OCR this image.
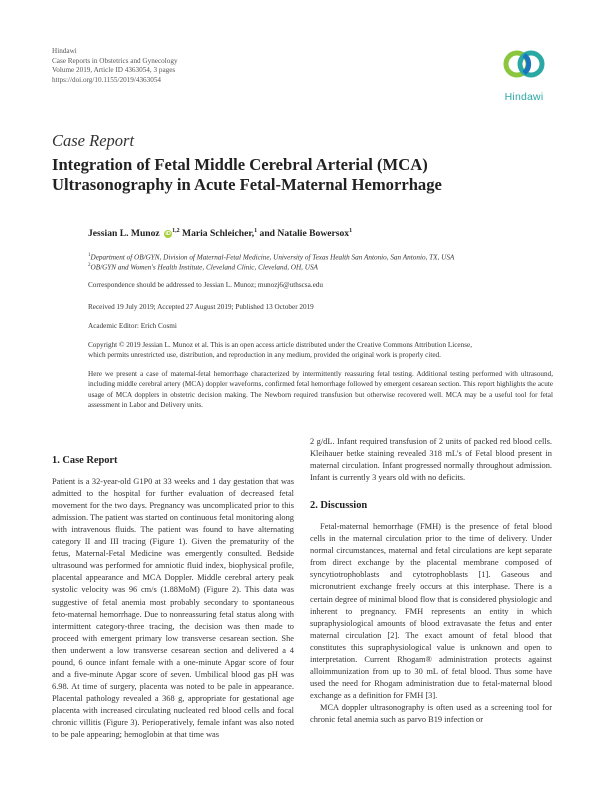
Hindawi
Case Reports in Obstetrics and Gynecology
Volume 2019, Article ID 4363054, 3 pages
https://doi.org/10.1155/2019/4363054
Hindawi
Case Report
Integration of Fetal Middle Cerebral Arterial (MCA) Ultrasonography in Acute Fetal-Maternal Hemorrhage
Jessian L. Munoz iD$^{1,2}$ Maria Schleicher,$^1$ and Natalie Bowersox$^1$
$^1$Department of OB/GYN, Division of Maternal-Fetal Medicine, University of Texas Health San Antonio, San Antonio, TX, USA
$^2$OB/GYN and Women's Health Institute, Cleveland Clinic, Cleveland, OH, USA
Correspondence should be addressed to Jessian L. Munoz; munozj6@uthscsa.edu
Received 19 July 2019; Accepted 27 August 2019; Published 13 October 2019
Academic Editor: Erich Cosmi
Copyright © 2019 Jessian L. Munoz et al. This is an open access article distributed under the Creative Commons Attribution License,
which permits unrestricted use, distribution, and reproduction in any medium, provided the original work is properly cited.
Here we present a case of maternal-fetal hemorrhage characterized by intermittently reassuring fetal testing. Additional testing performed with ultrasound, including middle cerebral artery (MCA) doppler waveforms, confirmed fetal hemorrhage followed by emergent cesarean section. This report highlights the acute usage of MCA dopplers in obstetric decision making. The Newborn required transfusion but otherwise recovered well. MCA may be a useful tool for fetal assessment in Labor and Delivery units.
1. Case Report

Patient is a 32-year-old G1P0 at 33 weeks and 1 day gestation that was admitted to the hospital for further evaluation of decreased fetal movement for the two days. Pregnancy was uncomplicated prior to this admission. The patient was started on continuous fetal monitoring along with intravenous fluids. The patient was found to have alternating category II and III tracing (Figure 1). Given the prematurity of the fetus, Maternal-Fetal Medicine was emergently consulted. Bedside ultrasound was performed for amniotic fluid index, biophysical profile, placental appearance and MCA Doppler. Middle cerebral artery peak systolic velocity was 96 cm/s (1.88MoM) (Figure 2). This data was suggestive of fetal anemia most probably secondary to spontaneous feto-maternal hemorrhage. Due to nonreassuring fetal status along with intermittent category-three tracing, the decision was then made to proceed with emergent primary low transverse cesarean section. She then underwent a low transverse cesarean section and delivered a 4 pound, 6 ounce infant female with a one-minute Apgar score of four and a five-minute Apgar score of seven. Umbilical blood gas pH was 6.98. At time of surgery, placenta was noted to be pale in appearance. Placental pathology revealed a 368 g, appropriate for gestational age placenta with increased circulating nucleated red blood cells and focal chronic villitis (Figure 3). Perioperatively, female infant was also noted to be pale appearing; hemoglobin at that time was

2 g/dL. Infant required transfusion of 2 units of packed red blood cells. Kleihauer betke staining revealed 318 mL's of Fetal blood present in maternal circulation. Infant progressed normally throughout admission. Infant is currently 3 years old with no deficits.

2. Discussion

Fetal-maternal hemorrhage (FMH) is the presence of fetal blood cells in the maternal circulation prior to the time of delivery. Under normal circumstances, maternal and fetal circulations are kept separate from direct exchange by the placental membrane composed of syncytiotrophoblasts and cytotrophoblasts [1]. Gaseous and micronutrient exchange freely occurs at this interphase. There is a certain degree of minimal blood flow that is considered physiologic and inherent to pregnancy. FMH represents an entity in which supraphysiological amounts of blood extravasate the fetus and enter maternal circulation [2]. The exact amount of fetal blood that constitutes this supraphysiological value is unknown and open to interpretation. Current Rhogam® administration protects against alloimmunization from up to 30 mL of fetal blood. Thus some have used the need for Rhogam administration due to fetal-maternal blood exchange as a definition for FMH [3].

MCA doppler ultrasonography is often used as a screening tool for chronic fetal anemia such as parvo B19 infection or
